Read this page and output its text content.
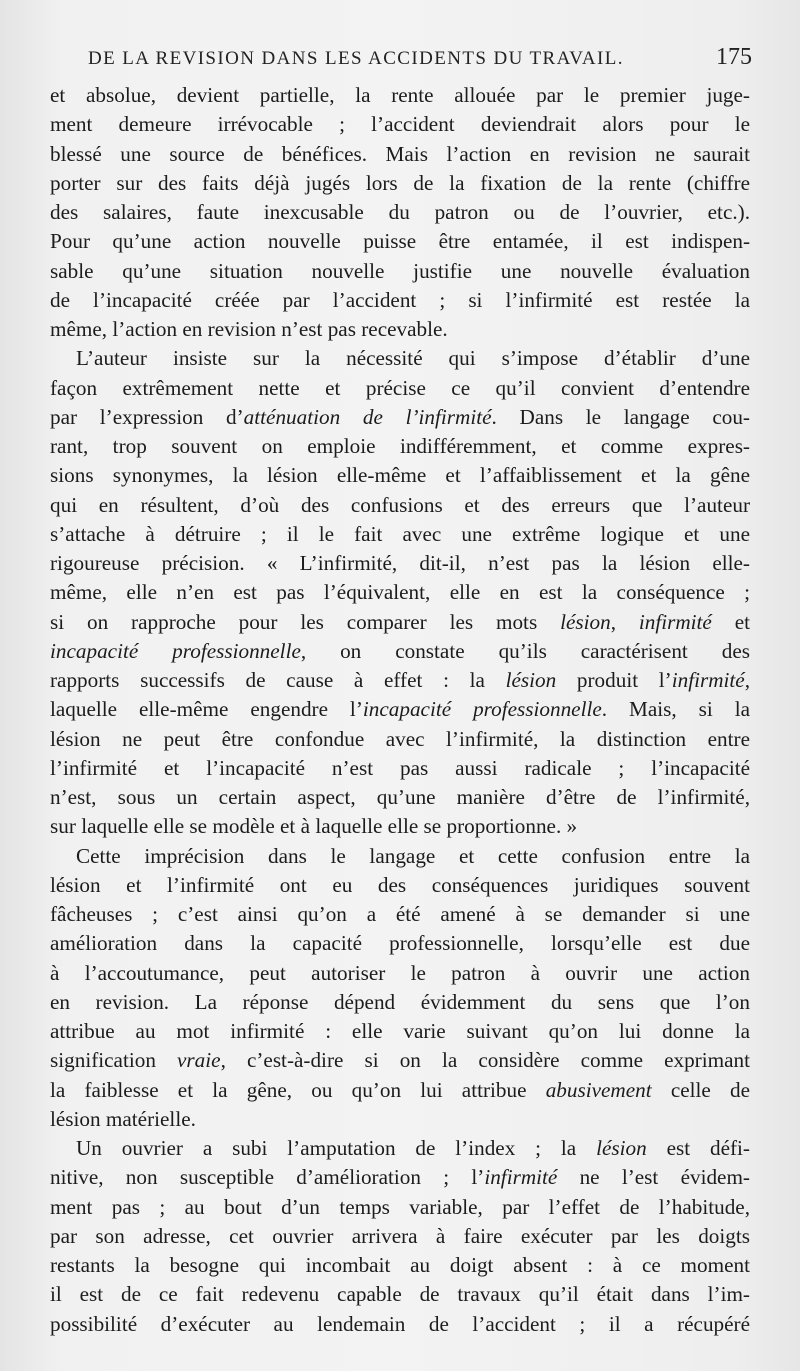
DE LA REVISION DANS LES ACCIDENTS DU TRAVAIL.	175
et absolue, devient partielle, la rente allouée par le premier juge-
ment demeure irrévocable ; l’accident deviendrait alors pour le
blessé une source de bénéfices. Mais l’action en revision ne saurait
porter sur des faits déjà jugés lors de la fixation de la rente (chiffre
des salaires, faute inexcusable du patron ou de l’ouvrier, etc.).
Pour qu’une action nouvelle puisse être entamée, il est indispen-
sable qu’une situation nouvelle justifie une nouvelle évaluation
de l’incapacité créée par l’accident ; si l’infirmité est restée la
même, l’action en revision n’est pas recevable.
L’auteur insiste sur la nécessité qui s’impose d’établir d’une
façon extrêmement nette et précise ce qu’il convient d’entendre
par l’expression d’atténuation de l’infirmité. Dans le langage cou-
rant, trop souvent on emploie indifféremment, et comme expres-
sions synonymes, la lésion elle-même et l’affaiblissement et la gêne
qui en résultent, d’où des confusions et des erreurs que l’auteur
s’attache à détruire ; il le fait avec une extrême logique et une
rigoureuse précision. « L’infirmité, dit-il, n’est pas la lésion elle-
même, elle n’en est pas l’équivalent, elle en est la conséquence ;
si on rapproche pour les comparer les mots lésion, infirmité et
incapacité professionnelle, on constate qu’ils caractérisent des
rapports successifs de cause à effet : la lésion produit l’infirmité,
laquelle elle-même engendre l’incapacité professionnelle. Mais, si la
lésion ne peut être confondue avec l’infirmité, la distinction entre
l’infirmité et l’incapacité n’est pas aussi radicale ; l’incapacité
n’est, sous un certain aspect, qu’une manière d’être de l’infirmité,
sur laquelle elle se modèle et à laquelle elle se proportionne. »
Cette imprécision dans le langage et cette confusion entre la
lésion et l’infirmité ont eu des conséquences juridiques souvent
fâcheuses ; c’est ainsi qu’on a été amené à se demander si une
amélioration dans la capacité professionnelle, lorsqu’elle est due
à l’accoutumance, peut autoriser le patron à ouvrir une action
en revision. La réponse dépend évidemment du sens que l’on
attribue au mot infirmité : elle varie suivant qu’on lui donne la
signification vraie, c’est-à-dire si on la considère comme exprimant
la faiblesse et la gêne, ou qu’on lui attribue abusivement celle de
lésion matérielle.
Un ouvrier a subi l’amputation de l’index ; la lésion est défi-
nitive, non susceptible d’amélioration ; l’infirmité ne l’est évidem-
ment pas ; au bout d’un temps variable, par l’effet de l’habitude,
par son adresse, cet ouvrier arrivera à faire exécuter par les doigts
restants la besogne qui incombait au doigt absent : à ce moment
il est de ce fait redevenu capable de travaux qu’il était dans l’im-
possibilité d’exécuter au lendemain de l’accident ; il a récupéré
